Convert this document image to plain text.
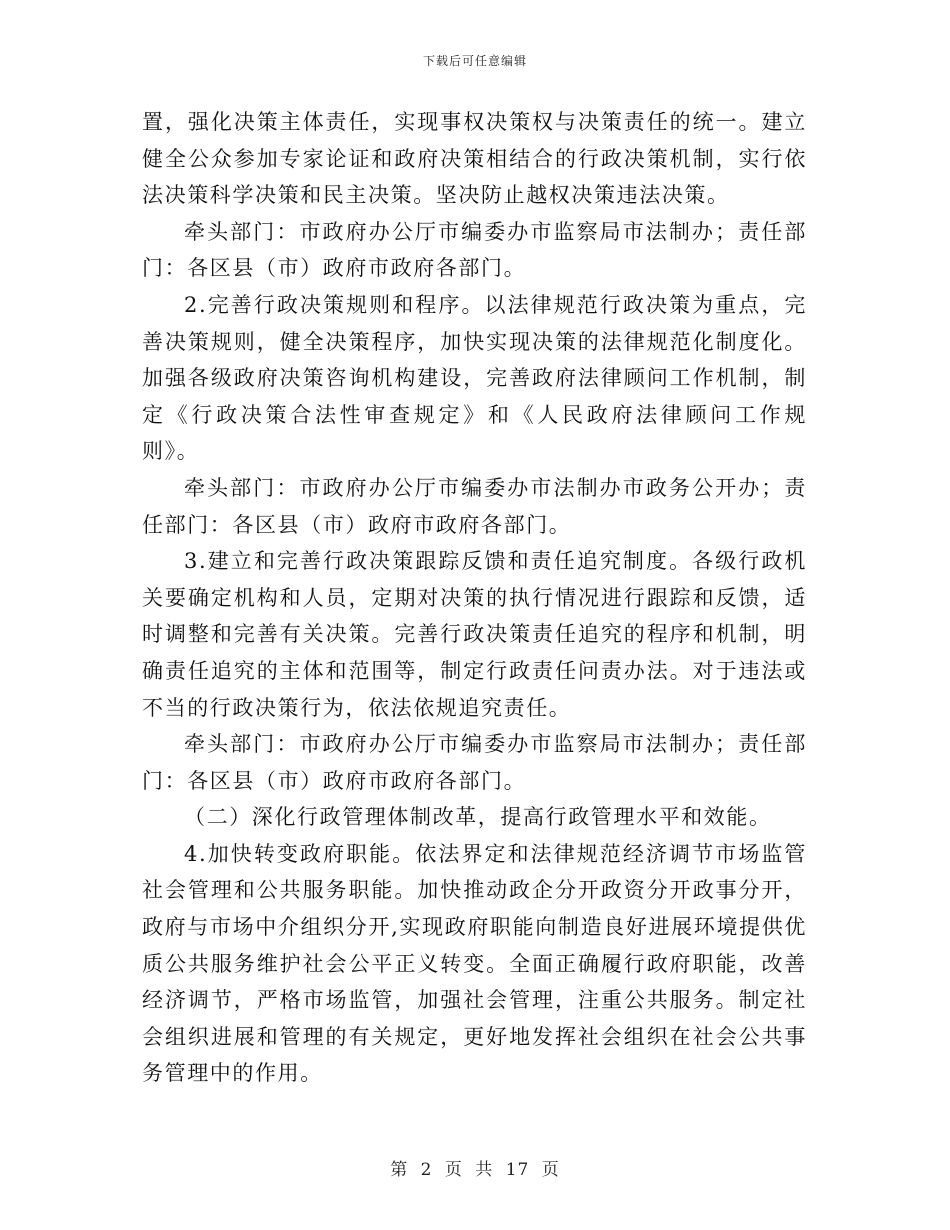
下载后可任意编辑

置，强化决策主体责任，实现事权决策权与决策责任的统一。建立健全公众参加专家论证和政府决策相结合的行政决策机制，实行依法决策科学决策和民主决策。坚决防止越权决策违法决策。

牵头部门：市政府办公厅市编委办市监察局市法制办；责任部门：各区县（市）政府市政府各部门。

2.完善行政决策规则和程序。以法律规范行政决策为重点，完善决策规则，健全决策程序，加快实现决策的法律规范化制度化。加强各级政府决策咨询机构建设，完善政府法律顾问工作机制，制定《行政决策合法性审查规定》和《人民政府法律顾问工作规则》。

牵头部门：市政府办公厅市编委办市法制办市政务公开办；责任部门：各区县（市）政府市政府各部门。

3.建立和完善行政决策跟踪反馈和责任追究制度。各级行政机关要确定机构和人员，定期对决策的执行情况进行跟踪和反馈，适时调整和完善有关决策。完善行政决策责任追究的程序和机制，明确责任追究的主体和范围等，制定行政责任问责办法。对于违法或不当的行政决策行为，依法依规追究责任。

牵头部门：市政府办公厅市编委办市监察局市法制办；责任部门：各区县（市）政府市政府各部门。

（二）深化行政管理体制改革，提高行政管理水平和效能。

4.加快转变政府职能。依法界定和法律规范经济调节市场监管社会管理和公共服务职能。加快推动政企分开政资分开政事分开，政府与市场中介组织分开,实现政府职能向制造良好进展环境提供优质公共服务维护社会公平正义转变。全面正确履行政府职能，改善经济调节，严格市场监管，加强社会管理，注重公共服务。制定社会组织进展和管理的有关规定，更好地发挥社会组织在社会公共事务管理中的作用。

第 2 页 共 17 页
